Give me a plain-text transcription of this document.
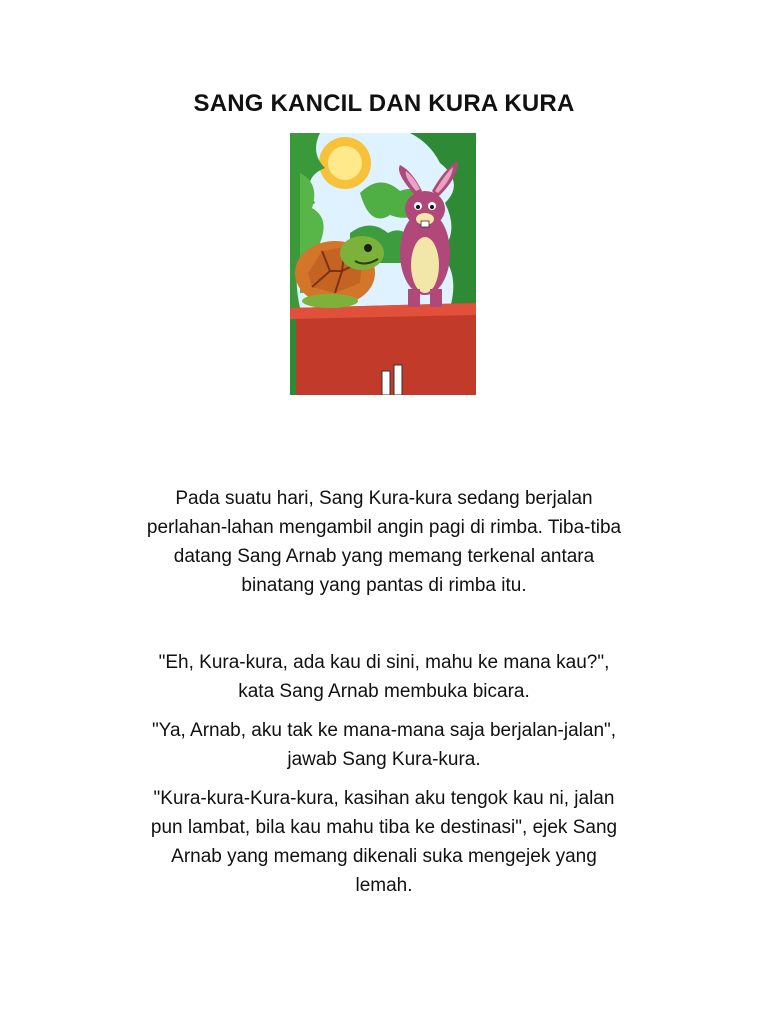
SANG KANCIL DAN KURA KURA
Pada suatu hari, Sang Kura-kura sedang berjalan
perlahan-lahan mengambil angin pagi di rimba. Tiba-tiba
datang Sang Arnab yang memang terkenal antara
binatang yang pantas di rimba itu.
"Eh, Kura-kura, ada kau di sini, mahu ke mana kau?",
kata Sang Arnab membuka bicara.
"Ya, Arnab, aku tak ke mana-mana saja berjalan-jalan",
jawab Sang Kura-kura.
"Kura-kura-Kura-kura, kasihan aku tengok kau ni, jalan
pun lambat, bila kau mahu tiba ke destinasi", ejek Sang
Arnab yang memang dikenali suka mengejek yang
lemah.
